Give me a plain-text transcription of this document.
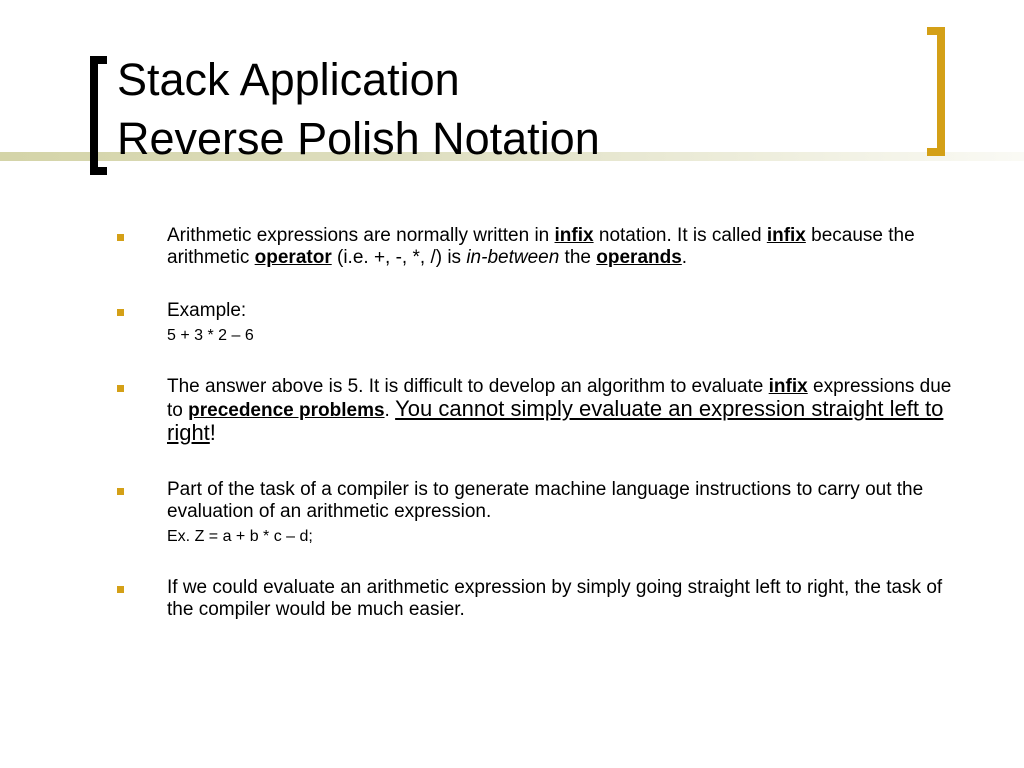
Stack Application
Reverse Polish Notation
Arithmetic expressions are normally written in infix notation. It is called infix because the arithmetic operator (i.e. +, -, *, /) is in-between the operands.
Example:
5 + 3 * 2 – 6
The answer above is 5. It is difficult to develop an algorithm to evaluate infix expressions due to precedence problems. You cannot simply evaluate an expression straight left to right!
Part of the task of a compiler is to generate machine language instructions to carry out the evaluation of an arithmetic expression.
Ex. Z = a + b * c – d;
If we could evaluate an arithmetic expression by simply going straight left to right, the task of the compiler would be much easier.
